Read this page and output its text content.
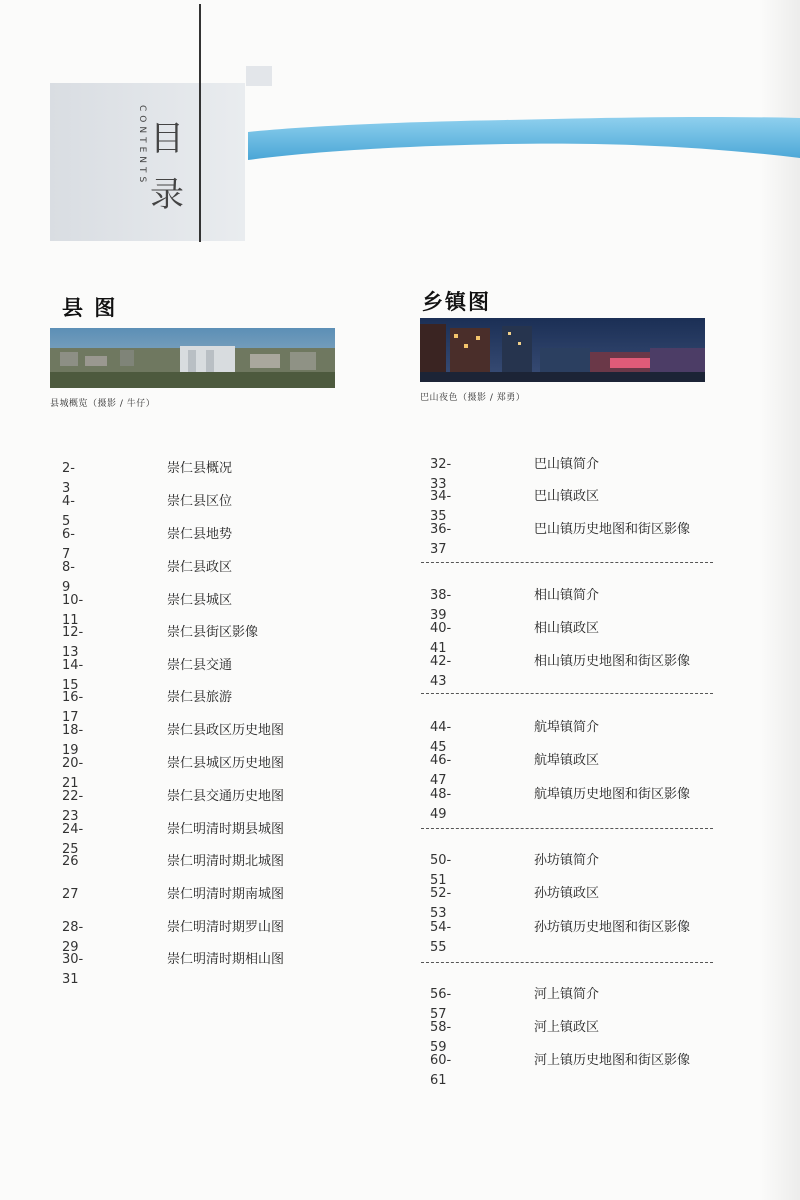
CONTENTS 目
录
县 图
县城概览（摄影 / 牛仔）
2-3
崇仁县概况
4-5
崇仁县区位
6-7
崇仁县地势
8-9
崇仁县政区
10-11
崇仁县城区
12-13
崇仁县街区影像
14-15
崇仁县交通
16-17
崇仁县旅游
18-19
崇仁县政区历史地图
20-21
崇仁县城区历史地图
22-23
崇仁县交通历史地图
24-25
崇仁明清时期县城图
26	崇仁明清时期北城图
27	崇仁明清时期南城图
28-29
崇仁明清时期罗山图
30-31
崇仁明清时期相山图
乡镇图
巴山夜色（摄影 / 郑勇）
32-33
巴山镇简介
34-35
巴山镇政区
36-37
巴山镇历史地图和街区影像
38-39
相山镇简介
40-41
相山镇政区
42-43
相山镇历史地图和街区影像
44-45
航埠镇简介
46-47
航埠镇政区
48-49
航埠镇历史地图和街区影像
50-51
孙坊镇简介
52-53
孙坊镇政区
54-55
孙坊镇历史地图和街区影像
56-57
河上镇简介
58-59
河上镇政区
60-61
河上镇历史地图和街区影像
